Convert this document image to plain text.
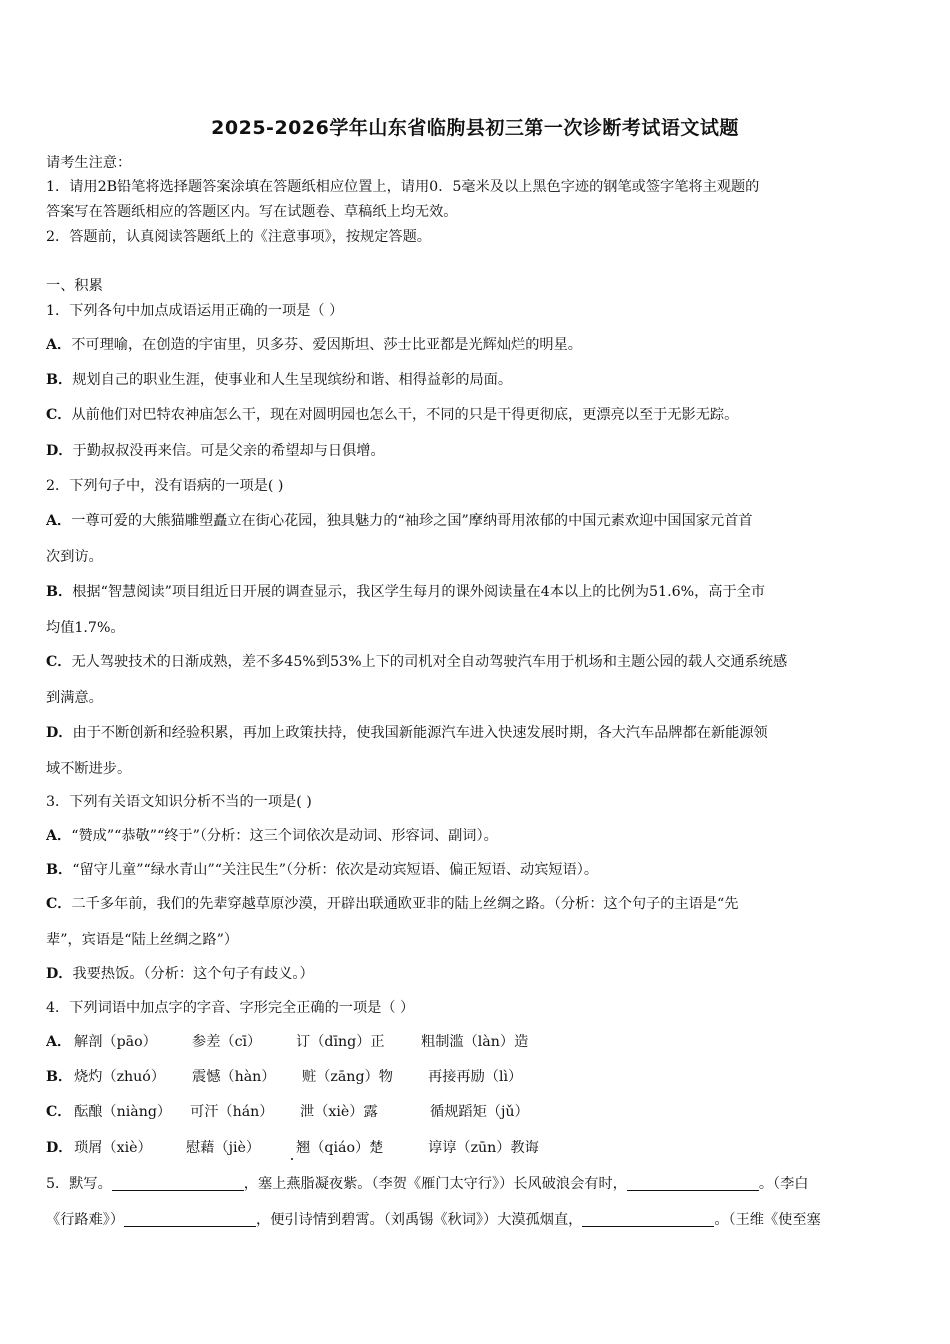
2025-2026学年山东省临朐县初三第一次诊断考试语文试题
请考生注意：
1．请用2B铅笔将选择题答案涂填在答题纸相应位置上，请用0．5毫米及以上黑色字迹的钢笔或签字笔将主观题的
答案写在答题纸相应的答题区内。写在试题卷、草稿纸上均无效。
2．答题前，认真阅读答题纸上的《注意事项》，按规定答题。
一、积累
1．下列各句中加点成语运用正确的一项是（ ）
A．不可理喻，在创造的宇宙里，贝多芬、爱因斯坦、莎士比亚都是光辉灿烂的明星。
B．规划自己的职业生涯，使事业和人生呈现缤纷和谐、相得益彰的局面。
C．从前他们对巴特农神庙怎么干，现在对圆明园也怎么干，不同的只是干得更彻底，更漂亮以至于无影无踪。
D．于勤叔叔没再来信。可是父亲的希望却与日俱增。
2．下列句子中，没有语病的一项是( )
A．一尊可爱的大熊猫雕塑矗立在街心花园，独具魅力的“袖珍之国”摩纳哥用浓郁的中国元素欢迎中国国家元首首
次到访。
B．根据“智慧阅读”项目组近日开展的调查显示，我区学生每月的课外阅读量在4本以上的比例为51.6%，高于全市
均值1.7%。
C．无人驾驶技术的日渐成熟，差不多45%到53%上下的司机对全自动驾驶汽车用于机场和主题公园的载人交通系统感
到满意。
D．由于不断创新和经验积累，再加上政策扶持，使我国新能源汽车进入快速发展时期，各大汽车品牌都在新能源领
域不断进步。
3．下列有关语文知识分析不当的一项是( )
A．“赞成”“恭敬”“终于”（分析：这三个词依次是动词、形容词、副词）。
B．“留守儿童”“绿水青山”“关注民生”（分析：依次是动宾短语、偏正短语、动宾短语）。
C．二千多年前，我们的先辈穿越草原沙漠，开辟出联通欧亚非的陆上丝绸之路。（分析：这个句子的主语是“先
辈”，宾语是“陆上丝绸之路”）
D．我要热饭。（分析：这个句子有歧义。）
4．下列词语中加点字的字音、字形完全正确的一项是（ ）
A． 解剖（pāo） 参差（cī） 订（dīng）正	粗制滥（làn）造
B． 烧灼（zhuó） 震憾（hàn） 赃（zāng）物 再接再励（lì）
C． 酝酿（niàng） 可汗（hán） 泄（xiè）露	循规蹈矩（jǔ）
D． 琐屑（xiè） 慰藉（jiè）	翘（qiáo）楚	谆谆（zūn）教诲
5．默写。	，塞上燕脂凝夜紫。（李贺《雁门太守行》）长风破浪会有时，	。（李白
《行路难》）	，便引诗情到碧霄。（刘禹锡《秋词》）大漠孤烟直，	。（王维《使至塞
